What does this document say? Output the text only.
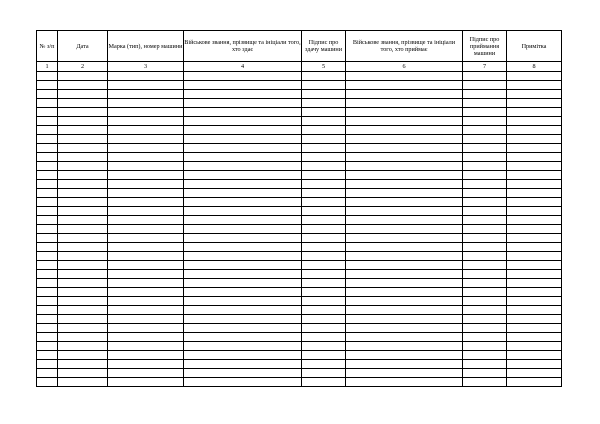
№ з/п	Дата	Марка (тип), номер машини	Військове звання, прізвище та ініціали того, хто здає	Підпис про здачу машини	Військове звання, прізвище та ініціали того, хто приймає	Підпис про приймання машини	Примітка
1	2	3	4	5	6	7	8
